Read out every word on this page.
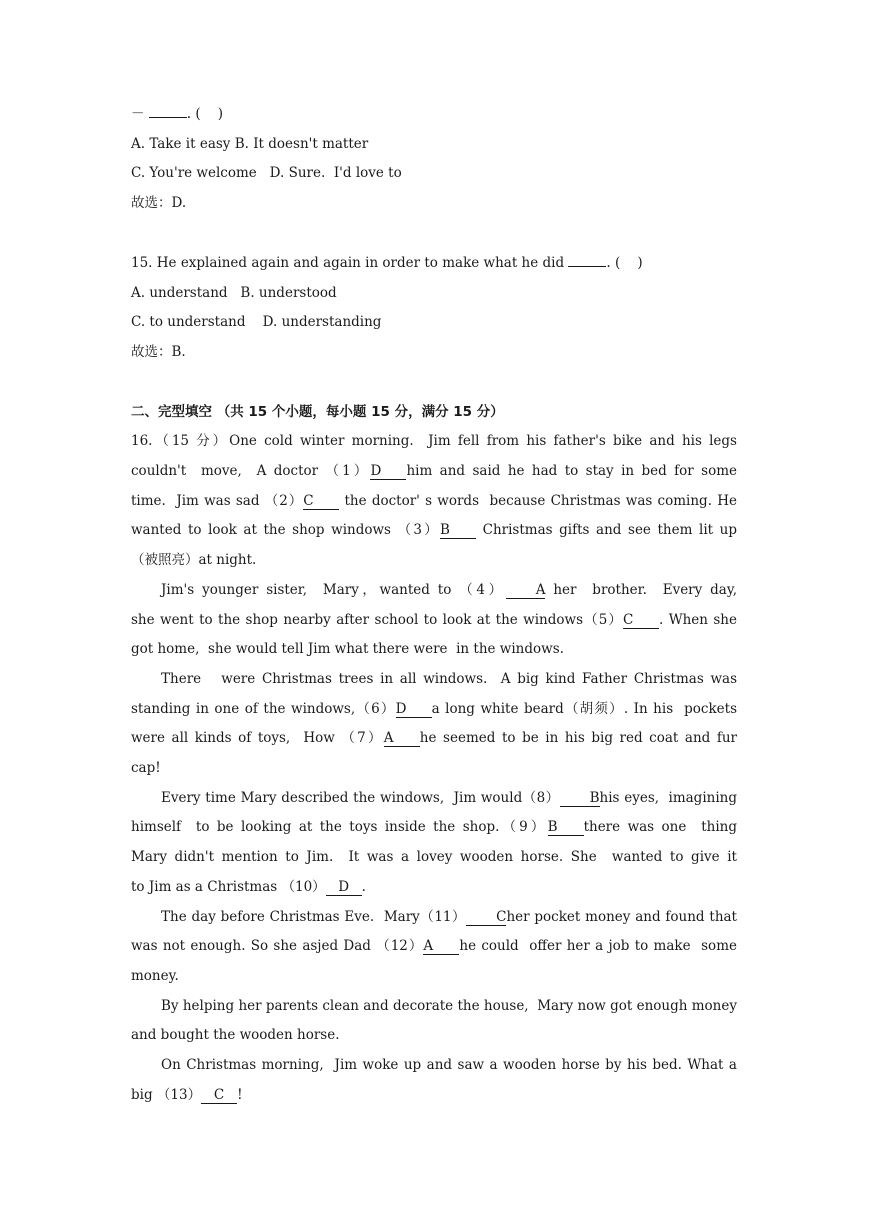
－	. (    )
A. Take it easy B. It doesn't matter
C. You're welcome   D. Sure.  I'd love to
故选：D.
15. He explained again and again in order to make what he did	. (    )
A. understand   B. understood
C. to understand    D. understanding
故选：B.
二、完型填空 （共 15 个小题，每小题 15 分，满分 15 分）
16.（15 分）One cold winter morning.  Jim fell from his father's bike and his legs
couldn't  move,  A doctor （1）D him and said he had to stay in bed for some
time.  Jim was sad （2）C the doctor' s words  because Christmas was coming. He
wanted to look at the shop windows （3）B Christmas gifts and see them lit up
（被照亮）at night.
Jim's younger sister,  Mary，wanted to （4） A her  brother.  Every day,
she went to the shop nearby after school to look at the windows（5）C . When she
got home,  she would tell Jim what there were  in the windows.
There   were Christmas trees in all windows.  A big kind Father Christmas was
standing in one of the windows,（6）D a long white beard（胡须）. In his  pockets
were all kinds of toys,  How （7）A he seemed to be in his big red coat and fur
cap!
Every time Mary described the windows,  Jim would（8） Bhis eyes,  imagining
himself  to be looking at the toys inside the shop.（9）B there was one  thing
Mary didn't mention to Jim.  It was a lovey wooden horse. She  wanted to give it
to Jim as a Christmas （10） D .
The day before Christmas Eve.  Mary（11） Cher pocket money and found that
was not enough. So she asjed Dad （12）A he could  offer her a job to make  some
money.
By helping her parents clean and decorate the house,  Mary now got enough money
and bought the wooden horse.
On Christmas morning,  Jim woke up and saw a wooden horse by his bed. What a
big （13） C !
